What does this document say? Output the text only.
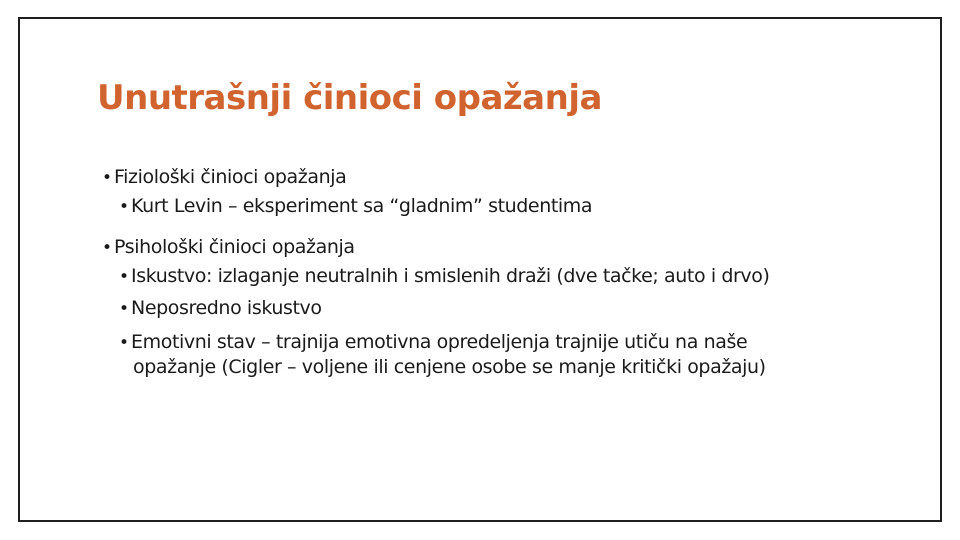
Unutrašnji činioci opažanja
• Fiziološki činioci opažanja
• Kurt Levin – eksperiment sa “gladnim” studentima
• Psihološki činioci opažanja
• Iskustvo: izlaganje neutralnih i smislenih draži (dve tačke; auto i drvo)
• Neposredno iskustvo
• Emotivni stav – trajnija emotivna opredeljenja trajnije utiču na naše
opažanje (Cigler – voljene ili cenjene osobe se manje kritički opažaju)
